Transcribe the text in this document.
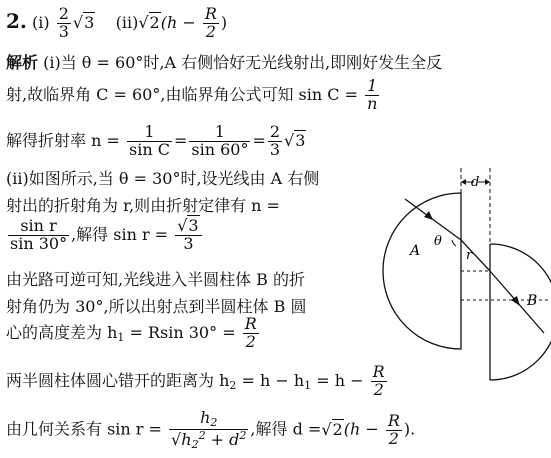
2. (ⅰ) $\frac{2}{3} √3$ (ⅱ)√2(h − $\frac{R}{2}$ )
解析 (ⅰ)当 θ = 60°时,A 右侧恰好无光线射出,即刚好发生全反
射,故临界角 C = 60°,由临界角公式可知 $\sin C = \frac{1}{n}$
解得折射率 $n = \frac{1}{\text{sin C}} = \frac{1}{\sin 60^\circ} = \frac{2}{3} √3$
(ⅱ)如图所示,当 θ = 30°时,设光线由 A 右侧
射出的折射角为 r,则由折射定律有 n =
$\frac{\text{sin r}}{\sin 30^\circ}$ ,解得 $\sin r = \frac{√3}{3}$
由光路可逆可知,光线进入半圆柱体 B 的折
射角仍为 30°,所以出射点到半圆柱体 B 圆
心的高度差为 $h_1 = Rsin$ $30^\circ = \frac{R}{2}$
两半圆柱体圆心错开的距离为 $h_2 = h - h_1 = h - \frac{R}{2}$
由几何关系有 $\sin r = \frac{h_2}{√h_2^2 + d^2}$ ,解得 $d =√2(h - \frac{R}{2}$ ).
d
A
B
θ
r
